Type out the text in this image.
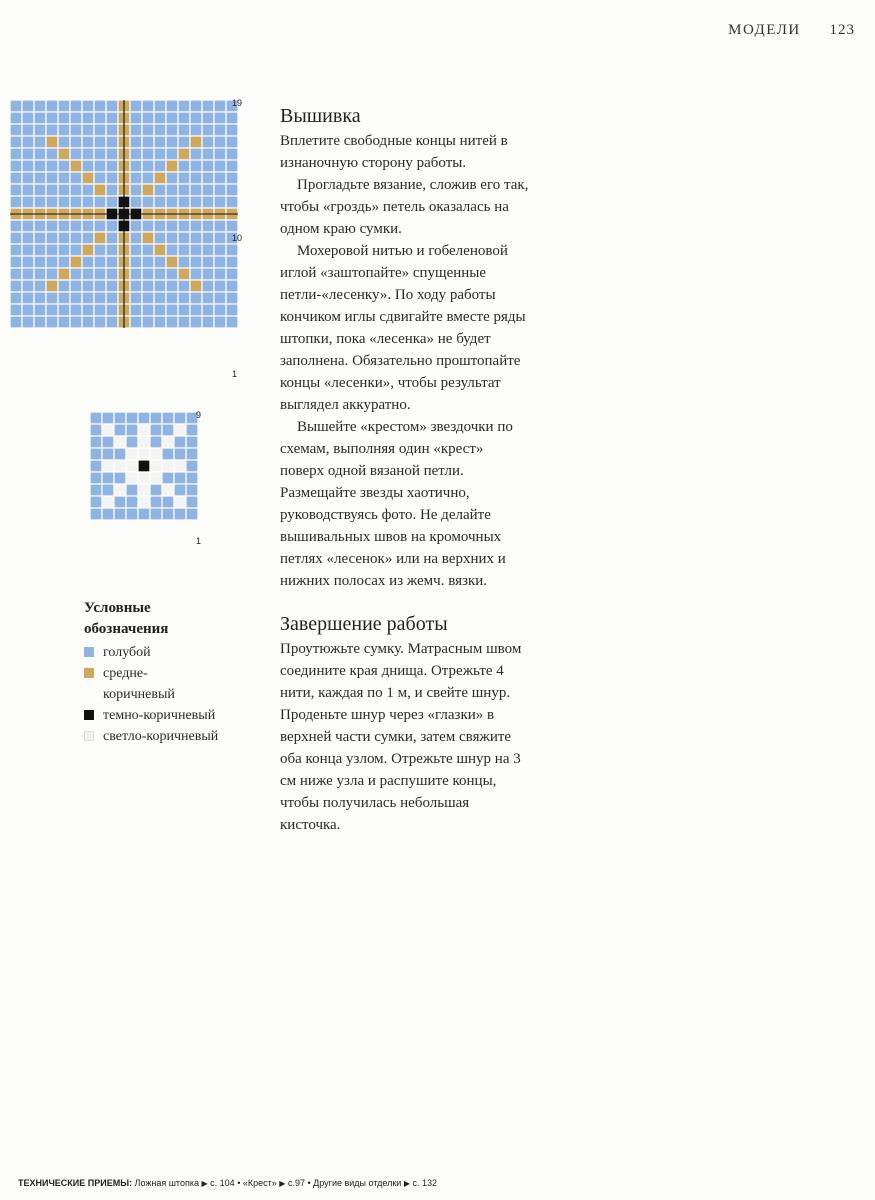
МОДЕЛИ 123
19
10
1
9
1
Условные
обозначения
голубой
средне-
коричневый
темно-коричневый
светло-коричневый
Вышивка

Вплетите свободные концы нитей в изнаночную сторону работы.

Прогладьте вязание, сложив его так, чтобы «гроздь» петель оказалась на одном краю сумки.

Мохеровой нитью и гобеленовой иглой «заштопайте» спущенные петли-«лесенку». По ходу работы кончиком иглы сдвигайте вместе ряды штопки, пока «лесенка» не будет заполнена. Обязательно проштопайте концы «лесенки», чтобы результат выглядел аккуратно.

Вышейте «крестом» звездочки по схемам, выполняя один «крест» поверх одной вязаной петли. Размещайте звезды хаотично, руководствуясь фото. Не делайте вышивальных швов на кромочных петлях «лесенок» или на верхних и нижних полосах из жемч. вязки.

Завершение работы

Проутюжьте сумку. Матрасным швом соедините края днища. Отрежьте 4 нити, каждая по 1 м, и свейте шнур. Проденьте шнур через «глазки» в верхней части сумки, затем свяжите оба конца узлом. Отрежьте шнур на 3 см ниже узла и распушите концы, чтобы получилась небольшая кисточка.

ТЕХНИЧЕСКИЕ ПРИЕМЫ: Ложная штопка ▶ с. 104 • «Крест» ▶ с.97 • Другие виды отделки ▶ с. 132
